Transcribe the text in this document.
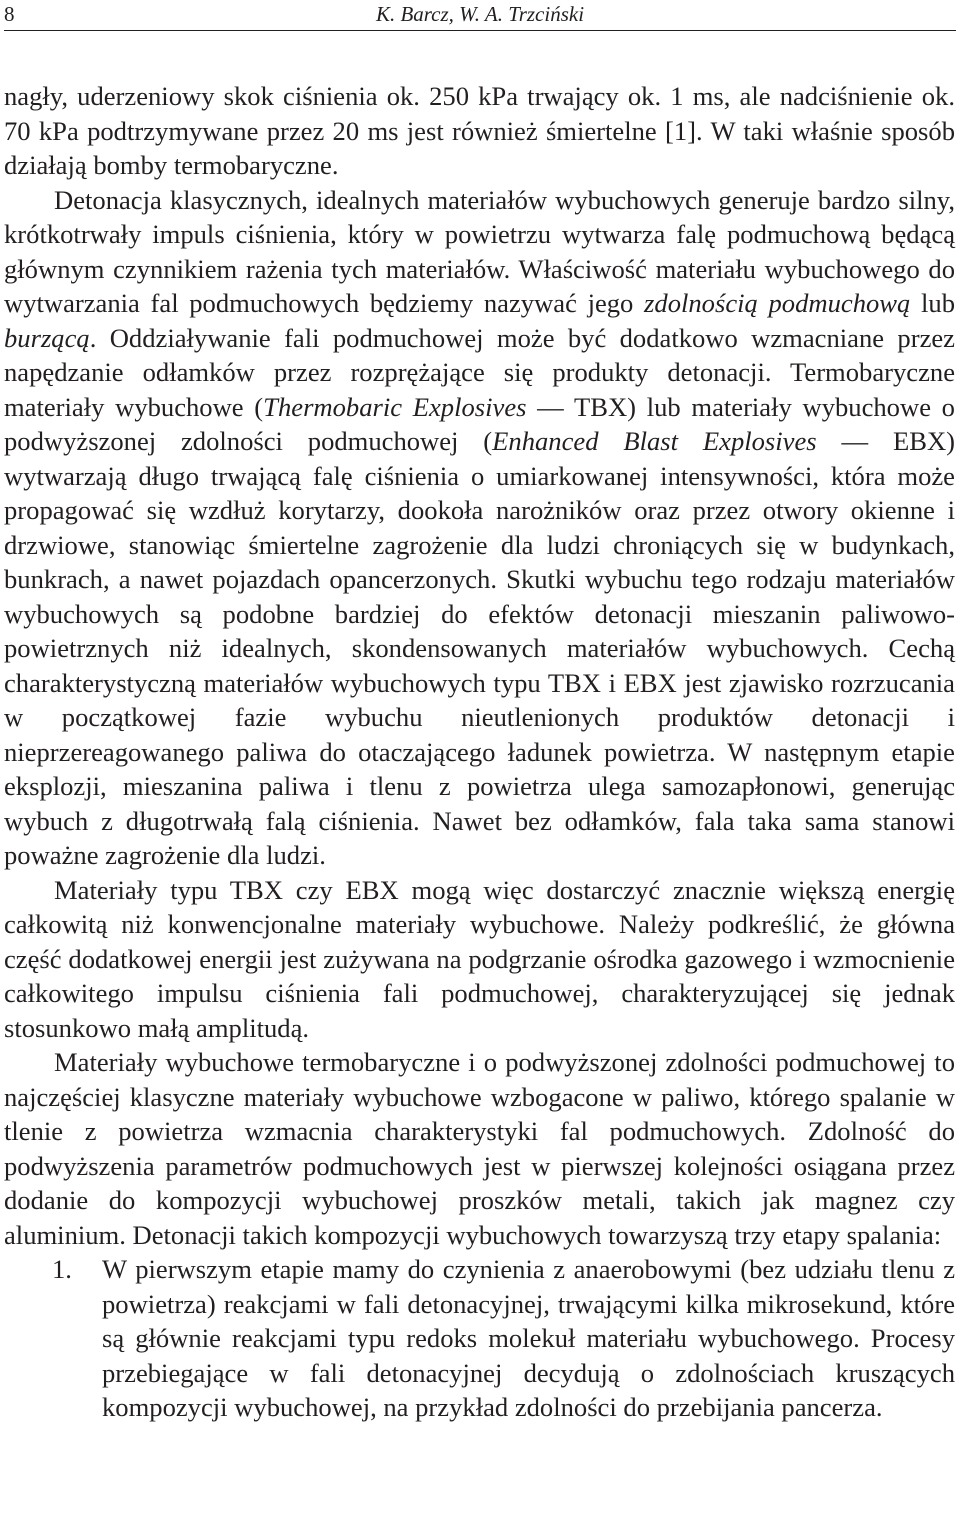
8	K. Barcz, W. A. Trzciński

nagły, uderzeniowy skok ciśnienia ok. 250 kPa trwający ok. 1 ms, ale nadciśnienie ok. 70 kPa podtrzymywane przez 20 ms jest również śmiertelne [1]. W taki właśnie sposób działają bomby termobaryczne.

Detonacja klasycznych, idealnych materiałów wybuchowych generuje bardzo silny, krótkotrwały impuls ciśnienia, który w powietrzu wytwarza falę podmuchową będącą głównym czynnikiem rażenia tych materiałów. Właściwość materiału wybuchowego do wytwarzania fal podmuchowych będziemy nazywać jego zdolnością podmuchową lub burzącą. Oddziaływanie fali podmuchowej może być dodatkowo wzmacniane przez napędzanie odłamków przez rozprężające się produkty detonacji. Termobaryczne materiały wybuchowe (Thermobaric Explosives — TBX) lub materiały wybuchowe o podwyższonej zdolności podmuchowej (Enhanced Blast Explosives — EBX) wytwarzają długo trwającą falę ciśnienia o umiarkowanej intensywności, która może propagować się wzdłuż korytarzy, dookoła narożników oraz przez otwory okienne i drzwiowe, stanowiąc śmiertelne zagrożenie dla ludzi chroniących się w budynkach, bunkrach, a nawet pojazdach opancerzonych. Skutki wybuchu tego rodzaju materiałów wybuchowych są podobne bardziej do efektów detonacji mieszanin paliwowo-powietrznych niż idealnych, skondensowanych materiałów wybuchowych. Cechą charakterystyczną materiałów wybuchowych typu TBX i EBX jest zjawisko rozrzucania w początkowej fazie wybuchu nieutlenionych produktów detonacji i nieprzereagowanego paliwa do otaczającego ładunek powietrza. W następnym etapie eksplozji, mieszanina paliwa i tlenu z powietrza ulega samozapłonowi, generując wybuch z długotrwałą falą ciśnienia. Nawet bez odłamków, fala taka sama stanowi poważne zagrożenie dla ludzi.

Materiały typu TBX czy EBX mogą więc dostarczyć znacznie większą energię całkowitą niż konwencjonalne materiały wybuchowe. Należy podkreślić, że główna część dodatkowej energii jest zużywana na podgrzanie ośrodka gazowego i wzmocnienie całkowitego impulsu ciśnienia fali podmuchowej, charakteryzującej się jednak stosunkowo małą amplitudą.

Materiały wybuchowe termobaryczne i o podwyższonej zdolności podmuchowej to najczęściej klasyczne materiały wybuchowe wzbogacone w paliwo, którego spalanie w tlenie z powietrza wzmacnia charakterystyki fal podmuchowych. Zdolność do podwyższenia parametrów podmuchowych jest w pierwszej kolejności osiągana przez dodanie do kompozycji wybuchowej proszków metali, takich jak magnez czy aluminium. Detonacji takich kompozycji wybuchowych towarzyszą trzy etapy spalania:

1. W pierwszym etapie mamy do czynienia z anaerobowymi (bez udziału tlenu z powietrza) reakcjami w fali detonacyjnej, trwającymi kilka mikrosekund, które są głównie reakcjami typu redoks molekuł materiału wybuchowego. Procesy przebiegające w fali detonacyjnej decydują o zdolnościach kruszących kompozycji wybuchowej, na przykład zdolności do przebijania pancerza.
